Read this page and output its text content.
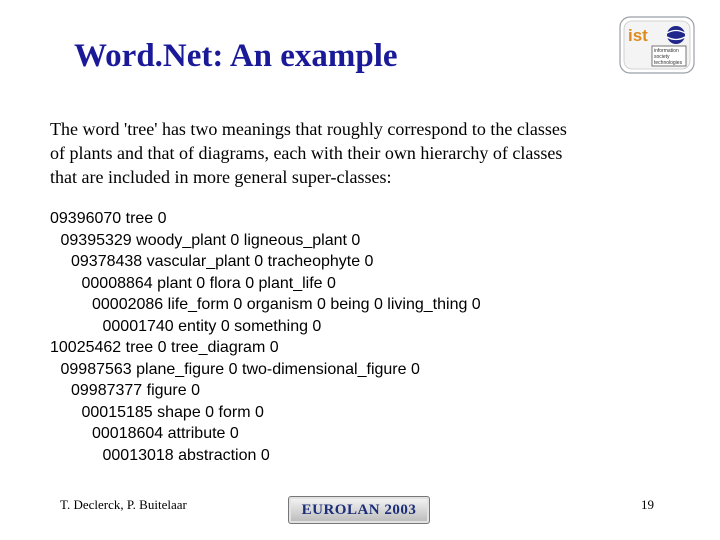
Word.Net: An example
ist
information
society
technologies
The word 'tree' has two meanings that roughly correspond to the classes
of plants and that of diagrams, each with their own hierarchy of classes
that are included in more general super-classes:
09396070 tree 0
09395329 woody_plant 0 ligneous_plant 0
09378438 vascular_plant 0 tracheophyte 0
00008864 plant 0 flora 0 plant_life 0
00002086 life_form 0 organism 0 being 0 living_thing 0
00001740 entity 0 something 0
10025462 tree 0 tree_diagram 0
09987563 plane_figure 0 two-dimensional_figure 0
09987377 figure 0
00015185 shape 0 form 0
00018604 attribute 0
00013018 abstraction 0
T. Declerck, P. Buitelaar	EUROLAN 2003	19
